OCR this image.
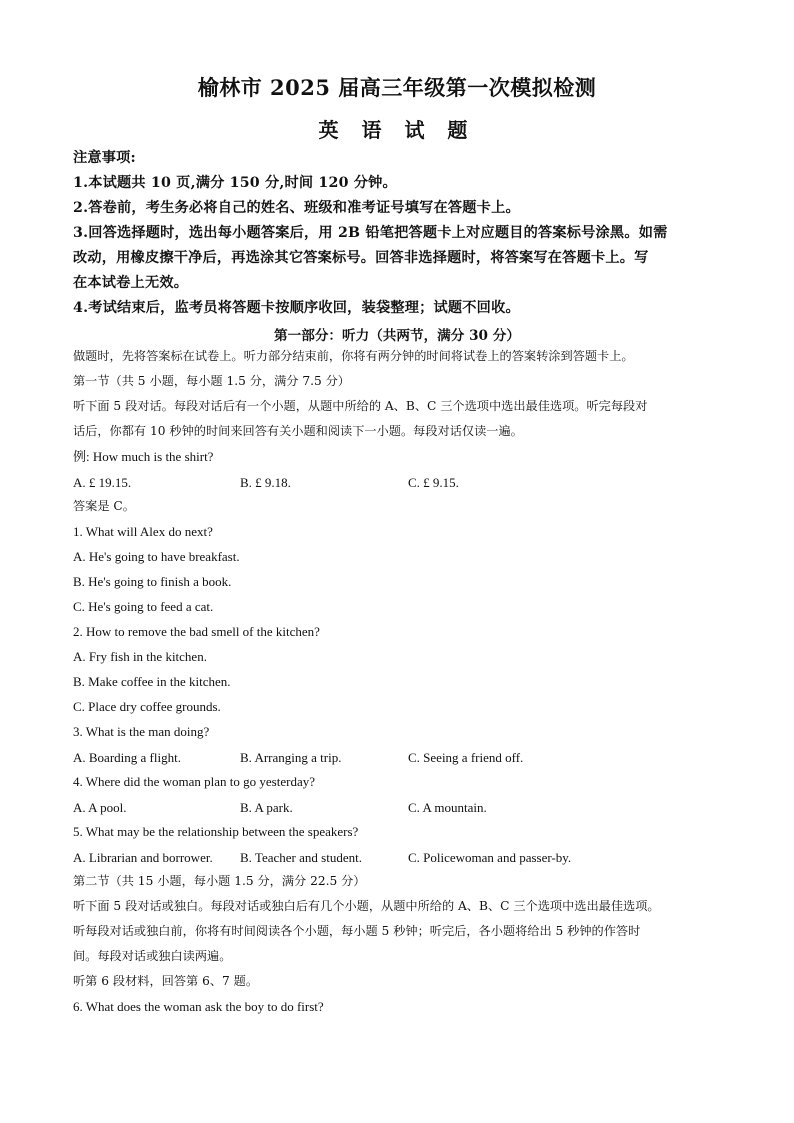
榆林市 2025 届高三年级第一次模拟检测
英 语 试 题
注意事项:
1.本试题共 10 页,满分 150 分,时间 120 分钟。
2.答卷前，考生务必将自己的姓名、班级和准考证号填写在答题卡上。
3.回答选择题时，选出每小题答案后，用 2B 铅笔把答题卡上对应题目的答案标号涂黑。如需
改动，用橡皮擦干净后，再选涂其它答案标号。回答非选择题时，将答案写在答题卡上。写
在本试卷上无效。
4.考试结束后，监考员将答题卡按顺序收回，装袋整理；试题不回收。
第一部分：听力（共两节，满分 30 分）
做题时，先将答案标在试卷上。听力部分结束前，你将有两分钟的时间将试卷上的答案转涂到答题卡上。
第一节（共 5 小题，每小题 1.5 分，满分 7.5 分）
听下面 5 段对话。每段对话后有一个小题，从题中所给的 A、B、C 三个选项中选出最佳选项。听完每段对
话后，你都有 10 秒钟的时间来回答有关小题和阅读下一小题。每段对话仅读一遍。
例: How much is the shirt?
A. £ 19.15.	B. £ 9.18.	C. £ 9.15.
答案是 C。
1. What will Alex do next?
A. He's going to have breakfast.
B. He's going to finish a book.
C. He's going to feed a cat.
2. How to remove the bad smell of the kitchen?
A. Fry fish in the kitchen.
B. Make coffee in the kitchen.
C. Place dry coffee grounds.
3. What is the man doing?
A. Boarding a flight.	B. Arranging a trip.	C. Seeing a friend off.
4. Where did the woman plan to go yesterday?
A. A pool.	B. A park.	C. A mountain.
5. What may be the relationship between the speakers?
A. Librarian and borrower. B. Teacher and student.	C. Policewoman and passer-by.
第二节（共 15 小题，每小题 1.5 分，满分 22.5 分）
听下面 5 段对话或独白。每段对话或独白后有几个小题，从题中所给的 A、B、C 三个选项中选出最佳选项。
听每段对话或独白前，你将有时间阅读各个小题，每小题 5 秒钟；听完后，各小题将给出 5 秒钟的作答时
间。每段对话或独白读两遍。
听第 6 段材料，回答第 6、7 题。
6. What does the woman ask the boy to do first?
